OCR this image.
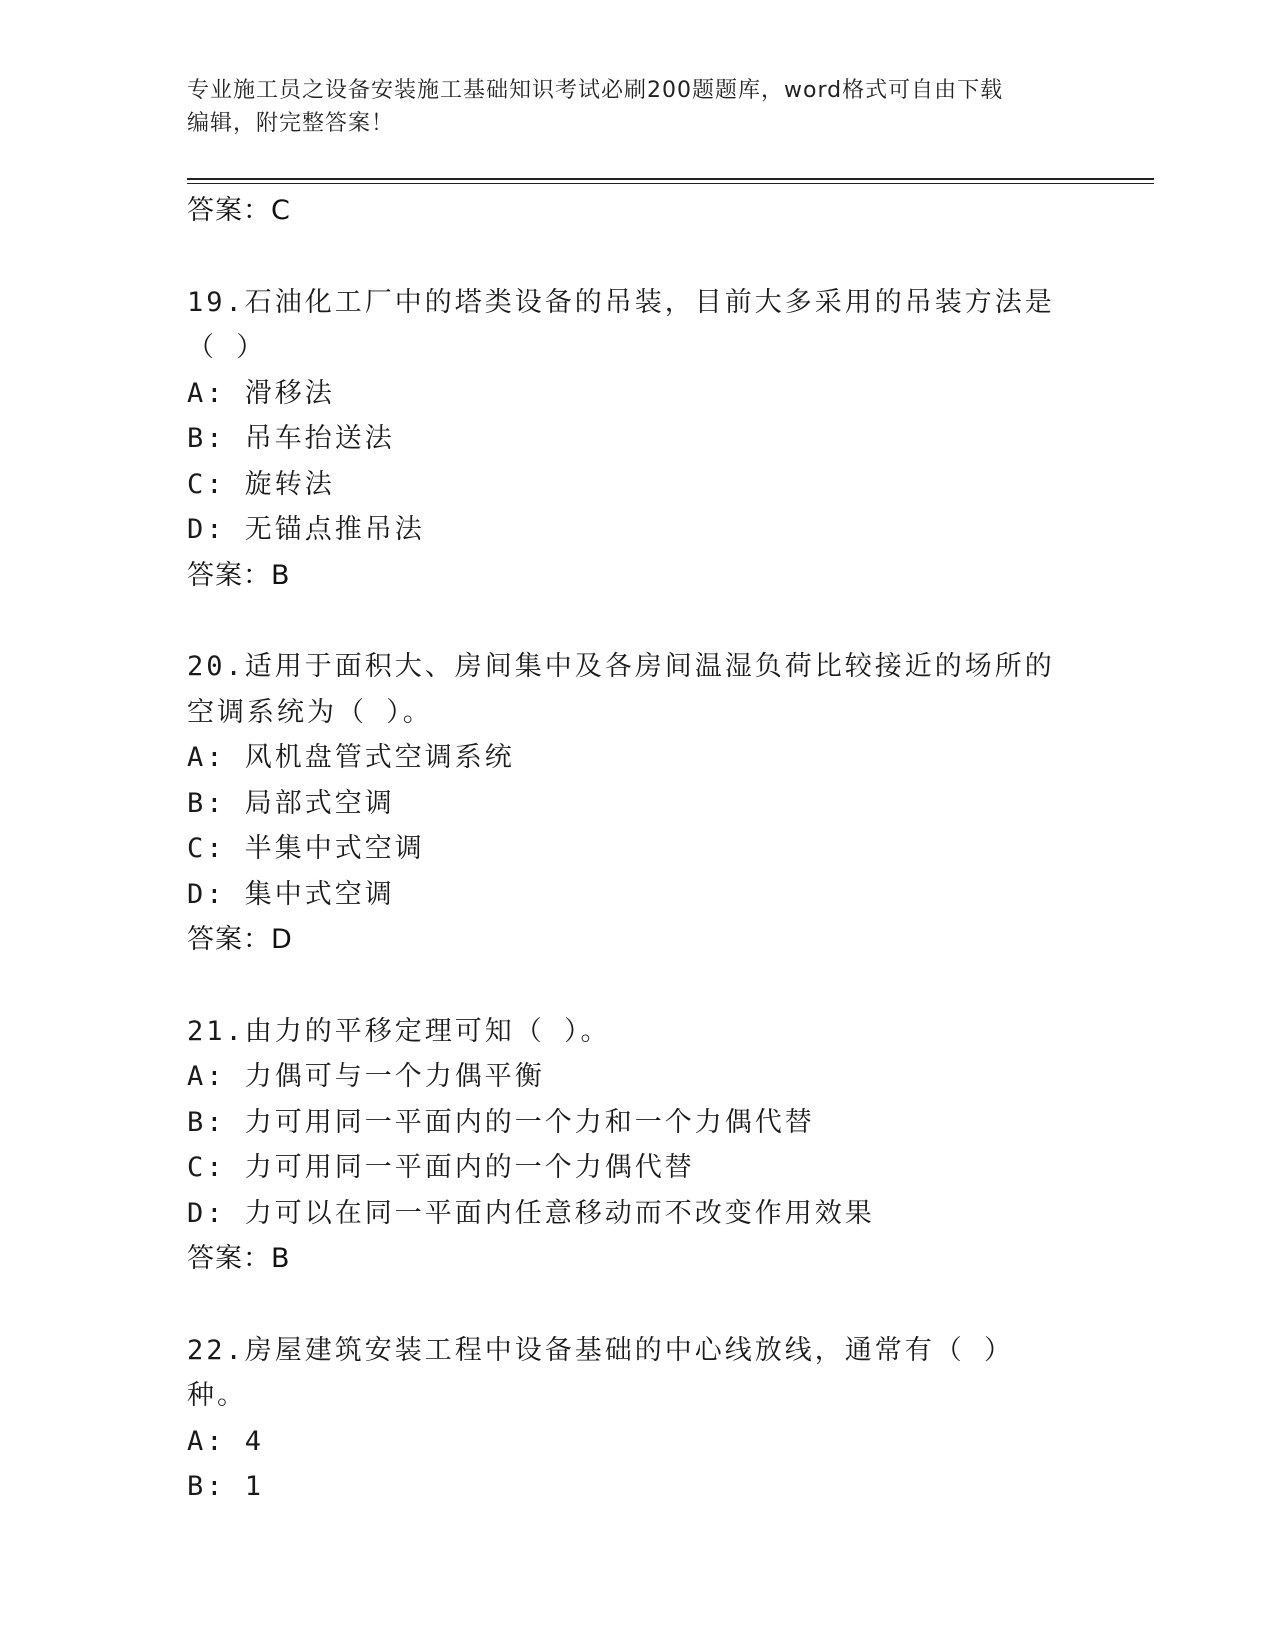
专业施工员之设备安装施工基础知识考试必刷200题题库，word格式可自由下载
编辑，附完整答案！
答案：C
19.石油化工厂中的塔类设备的吊装，目前大多采用的吊装方法是（ ）
A: 滑移法
B: 吊车抬送法
C: 旋转法
D: 无锚点推吊法
答案：B
20.适用于面积大、房间集中及各房间温湿负荷比较接近的场所的空调系统为（ ）。
A: 风机盘管式空调系统
B: 局部式空调
C: 半集中式空调
D: 集中式空调
答案：D
21.由力的平移定理可知（ ）。
A: 力偶可与一个力偶平衡
B: 力可用同一平面内的一个力和一个力偶代替
C: 力可用同一平面内的一个力偶代替
D: 力可以在同一平面内任意移动而不改变作用效果
答案：B
22.房屋建筑安装工程中设备基础的中心线放线，通常有（ ）种。
A: 4
B: 1
